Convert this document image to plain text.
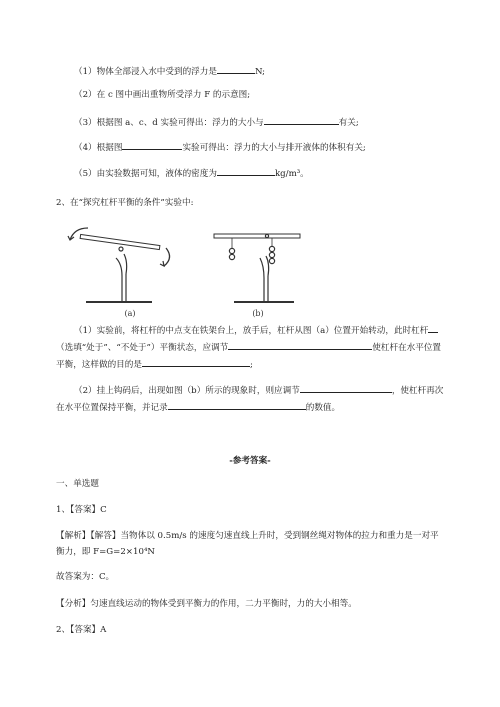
（1）物体全部浸入水中受到的浮力是	N;
（2）在 c 图中画出重物所受浮力 F 的示意图;
（3）根据图 a、c、d 实验可得出：浮力的大小与	有关;
（4）根据图	实验可得出：浮力的大小与排开液体的体积有关;
（5）由实验数据可知，液体的密度为	kg/m³。
2、在“探究杠杆平衡的条件”实验中:
(a)	(b)
（1）实验前，将杠杆的中点支在铁架台上，放手后，杠杆从图（a）位置开始转动，此时杠杆
（选填“处于”、“不处于”）平衡状态，应调节	使杠杆在水平位置
平衡，这样做的目的是	;
（2）挂上钩码后，出现如图（b）所示的现象时，则应调节	，使杠杆再次
在水平位置保持平衡，并记录	的数值。
-参考答案-
一、单选题
1、【答案】C
【解析】【解答】当物体以 0.5m/s 的速度匀速直线上升时，受到钢丝绳对物体的拉力和重力是一对平
衡力，即 F=G=2×10⁴N
故答案为：C。
【分析】匀速直线运动的物体受到平衡力的作用，二力平衡时，力的大小相等。
2、【答案】A
